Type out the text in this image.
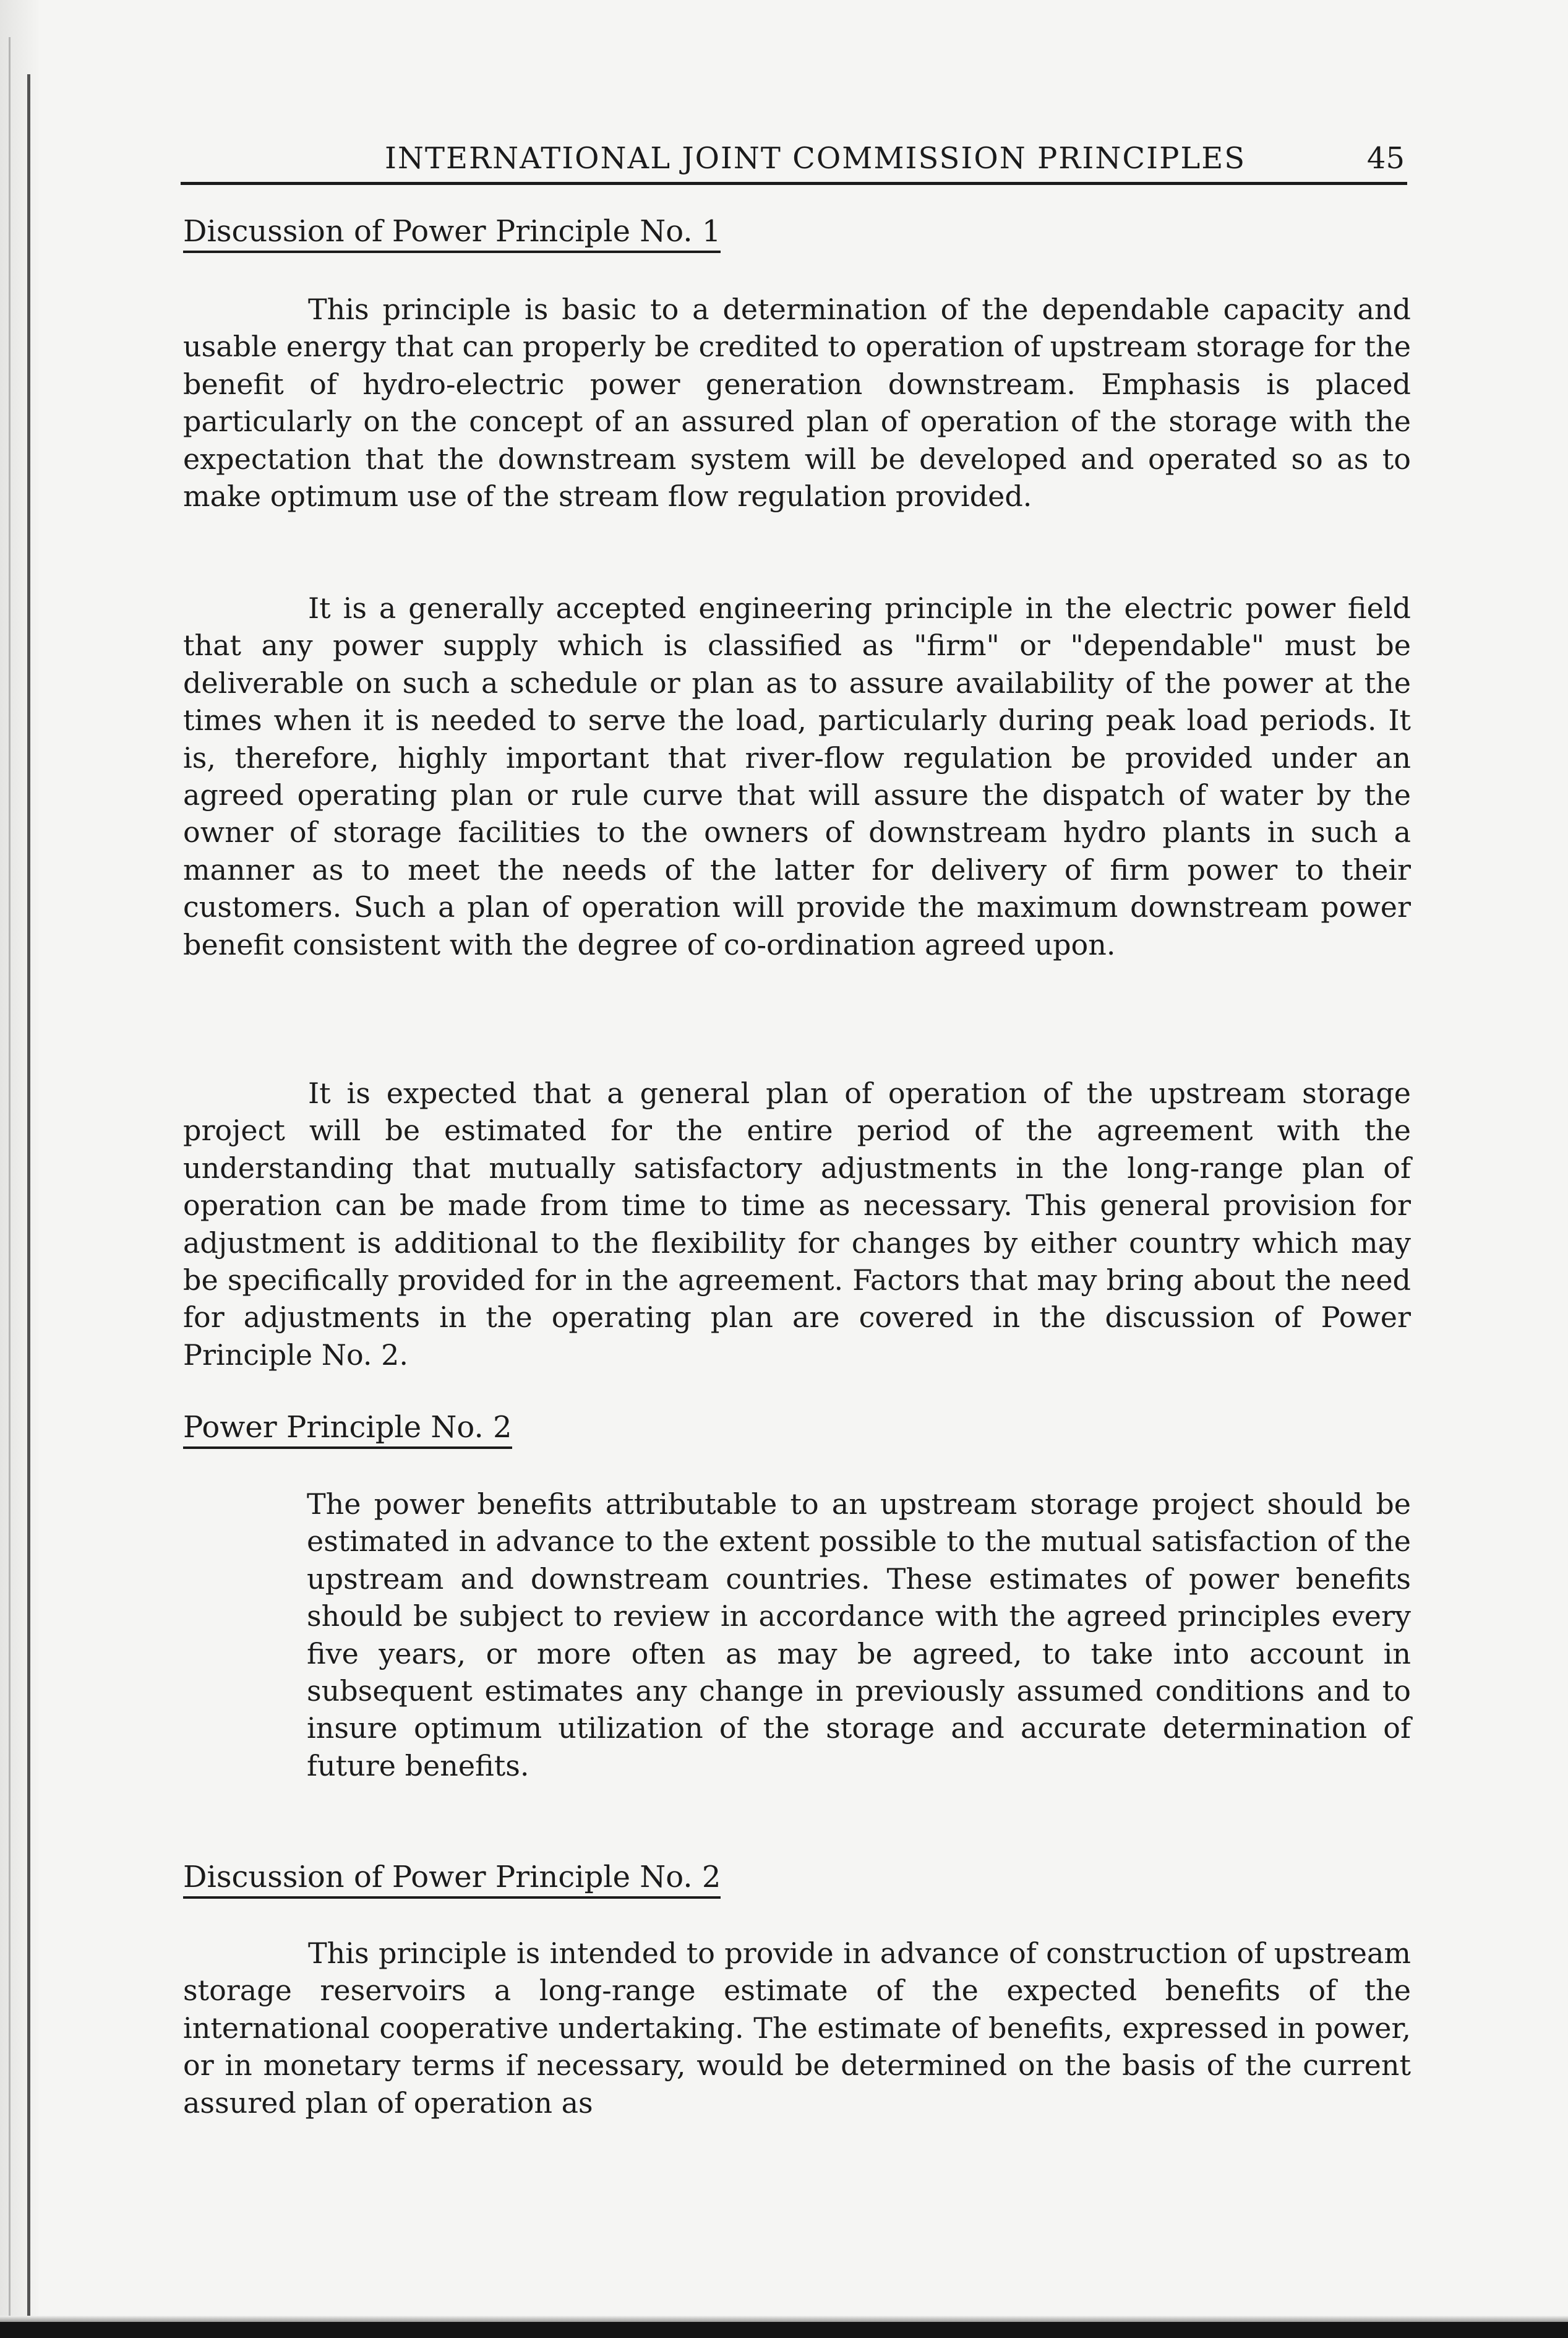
INTERNATIONAL JOINT COMMISSION PRINCIPLES	45
Discussion of Power Principle No. 1

This principle is basic to a determination of the dependable capacity and usable energy that can properly be credited to operation of upstream storage for the benefit of hydro-electric power generation downstream. Emphasis is placed particularly on the concept of an assured plan of operation of the storage with the expectation that the downstream system will be developed and operated so as to make optimum use of the stream flow regulation provided.

It is a generally accepted engineering principle in the electric power field that any power supply which is classified as "firm" or "dependable" must be deliverable on such a schedule or plan as to assure availability of the power at the times when it is needed to serve the load, particularly during peak load periods. It is, therefore, highly important that river-flow regulation be provided under an agreed operating plan or rule curve that will assure the dispatch of water by the owner of storage facilities to the owners of downstream hydro plants in such a manner as to meet the needs of the latter for delivery of firm power to their customers. Such a plan of operation will provide the maximum downstream power benefit consistent with the degree of co-ordination agreed upon.

It is expected that a general plan of operation of the upstream storage project will be estimated for the entire period of the agreement with the understanding that mutually satisfactory adjustments in the long-range plan of operation can be made from time to time as necessary. This general provision for adjustment is additional to the flexibility for changes by either country which may be specifically provided for in the agreement. Factors that may bring about the need for adjustments in the operating plan are covered in the discussion of Power Principle No. 2.

Power Principle No. 2

The power benefits attributable to an upstream storage project should be estimated in advance to the extent possible to the mutual satisfaction of the upstream and downstream countries. These estimates of power benefits should be subject to review in accordance with the agreed principles every five years, or more often as may be agreed, to take into account in subsequent estimates any change in previously assumed conditions and to insure optimum utilization of the storage and accurate determination of future benefits.

Discussion of Power Principle No. 2

This principle is intended to provide in advance of construction of upstream storage reservoirs a long-range estimate of the expected benefits of the international cooperative undertaking. The estimate of benefits, expressed in power, or in monetary terms if necessary, would be determined on the basis of the current assured plan of operation as
